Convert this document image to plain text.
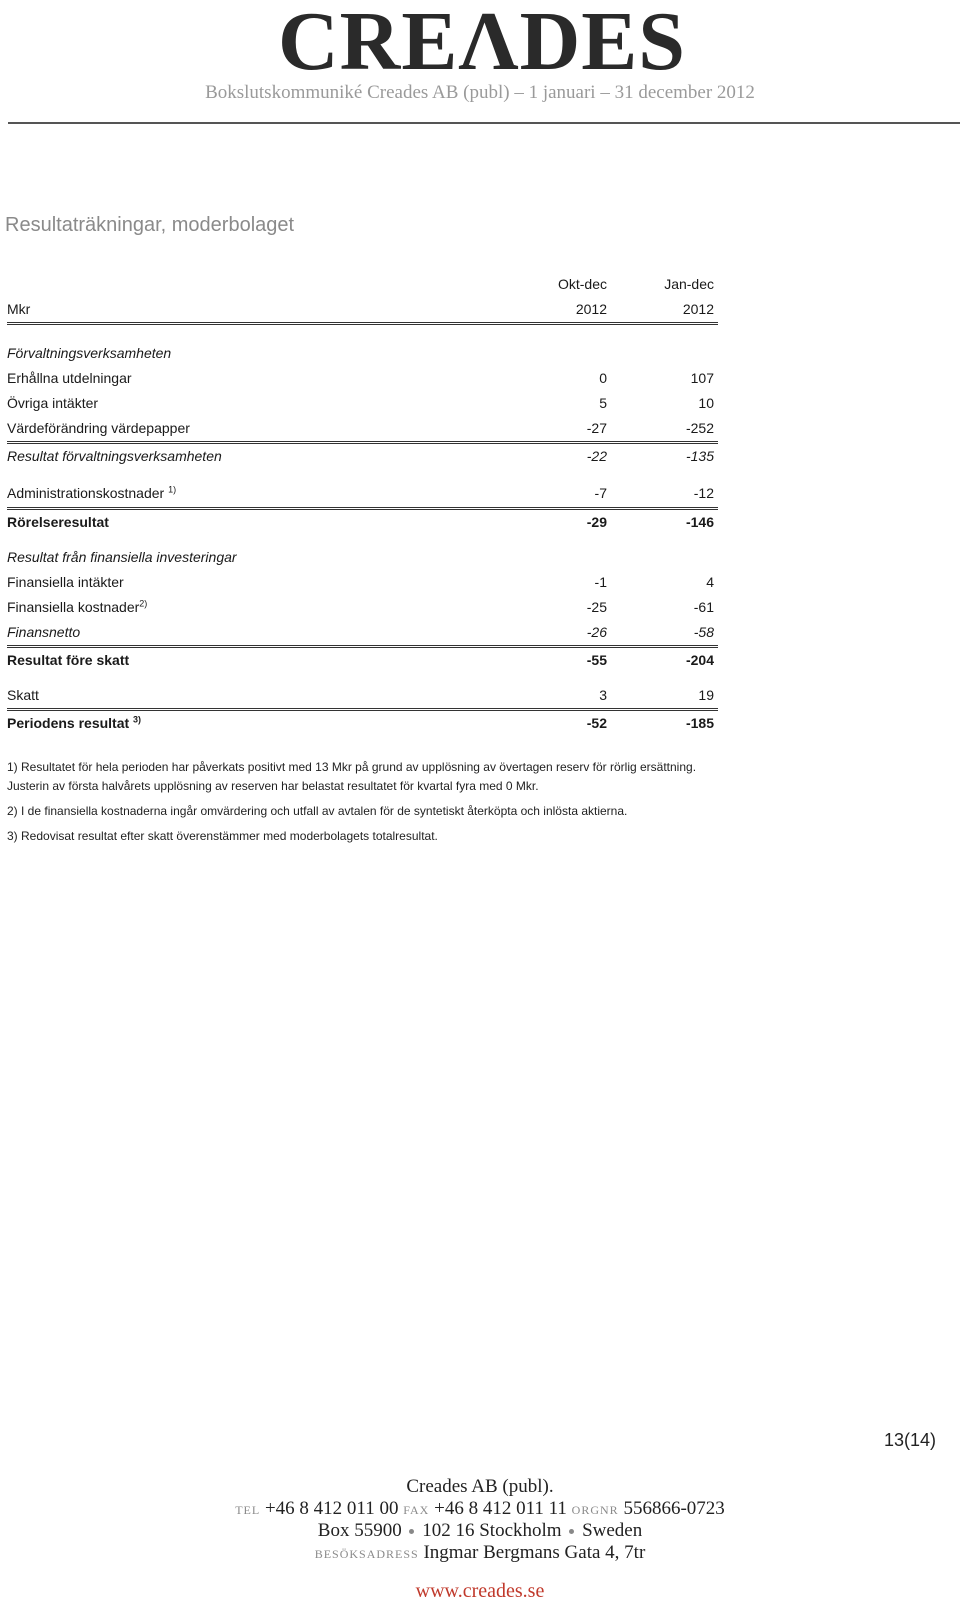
CREΛDES
Bokslutskommuniké Creades AB (publ) – 1 januari – 31 december 2012
Resultaträkningar, moderbolaget
Okt-dec	Jan-dec
Mkr	2012	2012
Förvaltningsverksamheten
Erhållna utdelningar	0	107
Övriga intäkter	5	10
Värdeförändring värdepapper	-27	-252
Resultat förvaltningsverksamheten	-22	-135
Administrationskostnader $^{1)}$	-7	-12
Rörelseresultat	-29	-146
Resultat från finansiella investeringar
Finansiella intäkter	-1	4
Finansiella kostnader$^{2)}$	-25	-61
Finansnetto	-26	-58
Resultat före skatt	-55	-204
Skatt	3	19
Periodens resultat $^{3)}$	-52	-185

1) Resultatet för hela perioden har påverkats positivt med 13 Mkr på grund av upplösning av övertagen reserv för rörlig ersättning. Justerin av första halvårets upplösning av reserven har belastat resultatet för kvartal fyra med 0 Mkr.

2) I de finansiella kostnaderna ingår omvärdering och utfall av avtalen för de syntetiskt återköpta och inlösta aktierna.

3) Redovisat resultat efter skatt överenstämmer med moderbolagets totalresultat.

13(14)
Creades AB (publ).
TEL +46 8 412 011 00 FAX +46 8 412 011 11 ORGNR 556866-0723
Box 55900 102 16 Stockholm Sweden
BESÖKSADRESS Ingmar Bergmans Gata 4, 7tr
www.creades.se
